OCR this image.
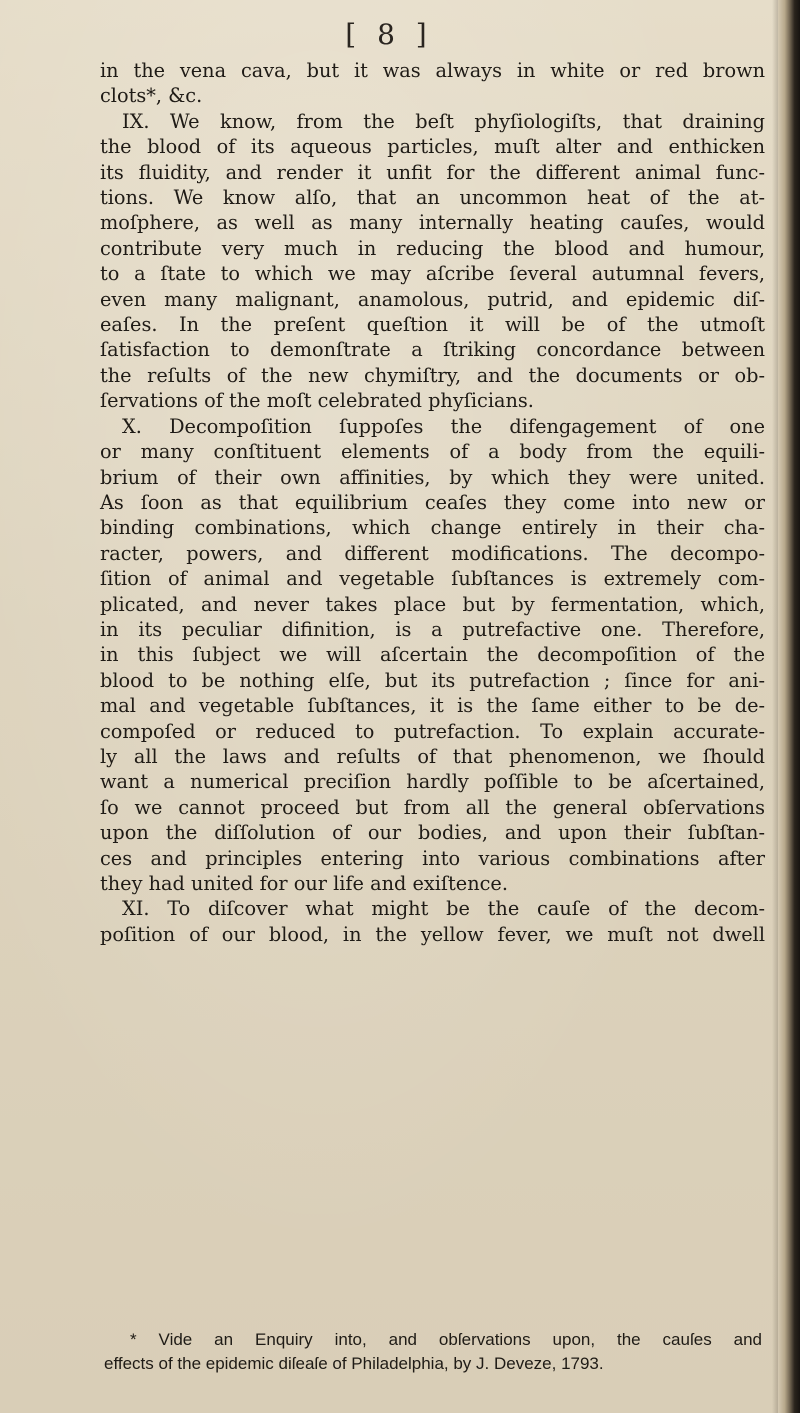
[ 8 ]
in the vena cava, but it was always in white or red brown
clots*, &c.
IX. We know, from the beſt phyſiologiſts, that draining
the blood of its aqueous particles, muſt alter and enthicken
its fluidity, and render it unfit for the different animal func-
tions. We know alſo, that an uncommon heat of the at-
moſphere, as well as many internally heating cauſes, would
contribute very much in reducing the blood and humour,
to a ſtate to which we may aſcribe ſeveral autumnal fevers,
even many malignant, anamolous, putrid, and epidemic diſ-
eaſes. In the preſent queſtion it will be of the utmoſt
ſatisfaction to demonſtrate a ſtriking concordance between
the reſults of the new chymiſtry, and the documents or ob-
ſervations of the moſt celebrated phyſicians.
X. Decompoſition ſuppoſes the difengagement of one
or many conſtituent elements of a body from the equili-
brium of their own affinities, by which they were united.
As ſoon as that equilibrium ceaſes they come into new or
binding combinations, which change entirely in their cha-
racter, powers, and different modifications. The decompo-
ſition of animal and vegetable ſubſtances is extremely com-
plicated, and never takes place but by fermentation, which,
in its peculiar difinition, is a putrefactive one. Therefore,
in this ſubject we will aſcertain the decompoſition of the
blood to be nothing elſe, but its putrefaction ; ſince for ani-
mal and vegetable ſubſtances, it is the ſame either to be de-
compoſed or reduced to putrefaction. To explain accurate-
ly all the laws and reſults of that phenomenon, we ſhould
want a numerical preciſion hardly poſſible to be aſcertained,
ſo we cannot proceed but from all the general obſervations
upon the diſſolution of our bodies, and upon their ſubſtan-
ces and principles entering into various combinations after
they had united for our life and exiſtence.
XI. To diſcover what might be the cauſe of the decom-
poſition of our blood, in the yellow fever, we muſt not dwell
* Vide an Enquiry into, and obſervations upon, the cauſes and
effects of the epidemic diſeaſe of Philadelphia, by J. Deveze, 1793.
